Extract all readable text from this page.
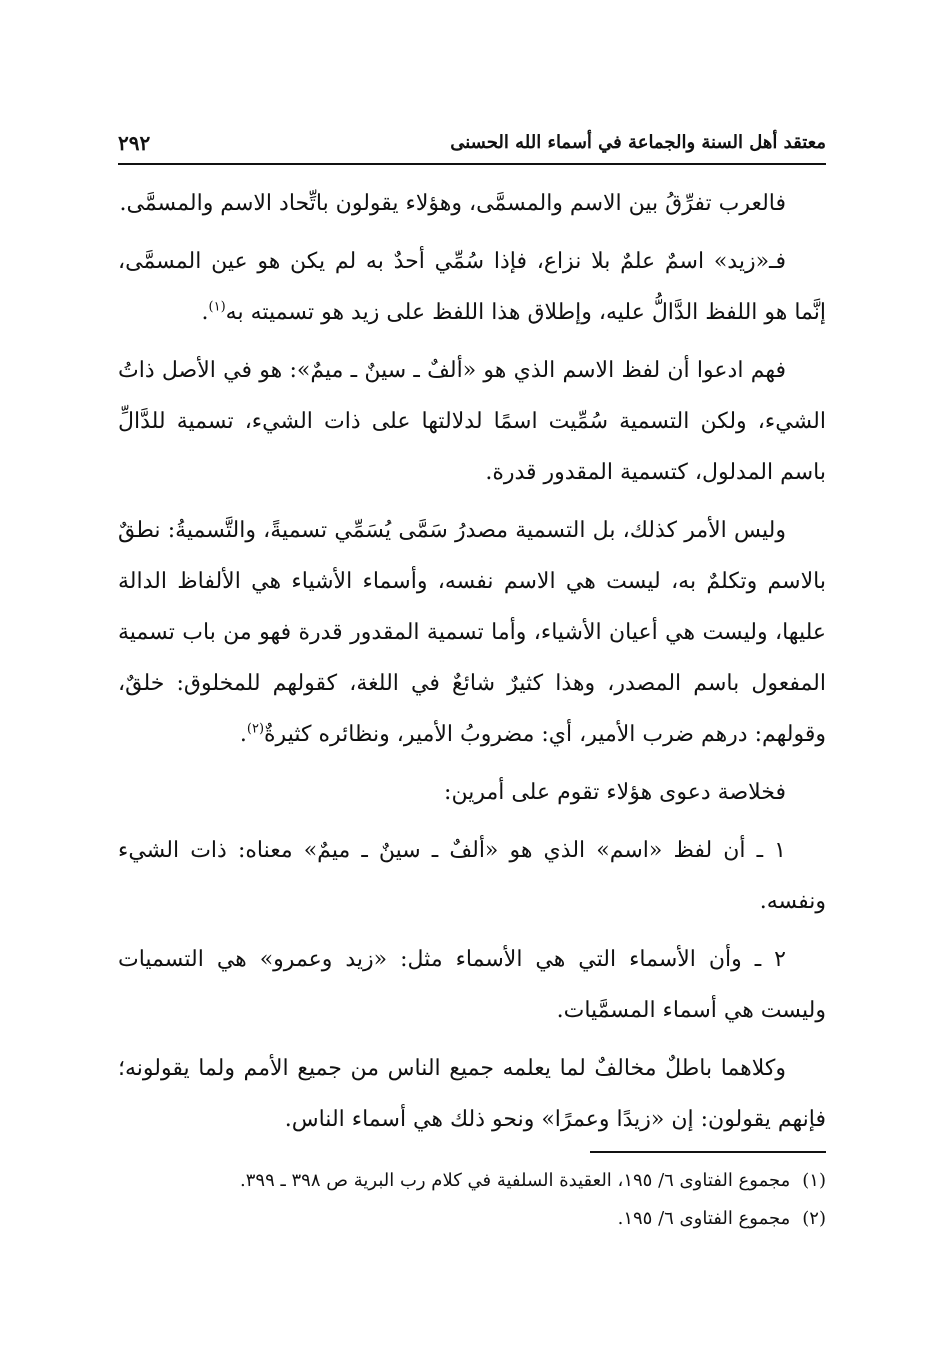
معتقد أهل السنة والجماعة في أسماء الله الحسنى
٢٩٢

فالعرب تفرِّقُ بين الاسم والمسمَّى، وهؤلاء يقولون باتِّحاد الاسم والمسمَّى.

فـ«زيد» اسمٌ علمٌ بلا نزاع، فإذا سُمِّي أحدٌ به لم يكن هو عين المسمَّى، إنَّما هو اللفظ الدَّالُّ عليه، وإطلاق هذا اللفظ على زيد هو تسميته به$^{(١)}$.

فهم ادعوا أن لفظ الاسم الذي هو «ألفٌ ـ سينٌ ـ ميمٌ»: هو في الأصل ذاتُ الشيء، ولكن التسمية سُمِّيت اسمًا لدلالتها على ذات الشيء، تسمية للدَّالِّ باسم المدلول، كتسمية المقدور قدرة.

وليس الأمر كذلك، بل التسمية مصدرُ سَمَّى يُسَمِّي تسميةً، والتَّسميةُ: نطقٌ بالاسم وتكلمٌ به، ليست هي الاسم نفسه، وأسماء الأشياء هي الألفاظ الدالة عليها، وليست هي أعيان الأشياء، وأما تسمية المقدور قدرة فهو من باب تسمية المفعول باسم المصدر، وهذا كثيرٌ شائعٌ في اللغة، كقولهم للمخلوق: خلقٌ، وقولهم: درهم ضرب الأمير، أي: مضروبُ الأمير، ونظائره كثيرةٌ$^{(٢)}$.

فخلاصة دعوى هؤلاء تقوم على أمرين:

١ ـ أن لفظ «اسم» الذي هو «ألفٌ ـ سينٌ ـ ميمٌ» معناه: ذات الشيء ونفسه.

٢ ـ وأن الأسماء التي هي الأسماء مثل: «زيد وعمرو» هي التسميات وليست هي أسماء المسمَّيات.

وكلاهما باطلٌ مخالفٌ لما يعلمه جميع الناس من جميع الأمم ولما يقولونه؛ فإنهم يقولون: إن «زيدًا وعمرًا» ونحو ذلك هي أسماء الناس.

(١)مجموع الفتاوى ٦/ ١٩٥، العقيدة السلفية في كلام رب البرية ص ٣٩٨ ـ ٣٩٩.

(٢)مجموع الفتاوى ٦/ ١٩٥.
